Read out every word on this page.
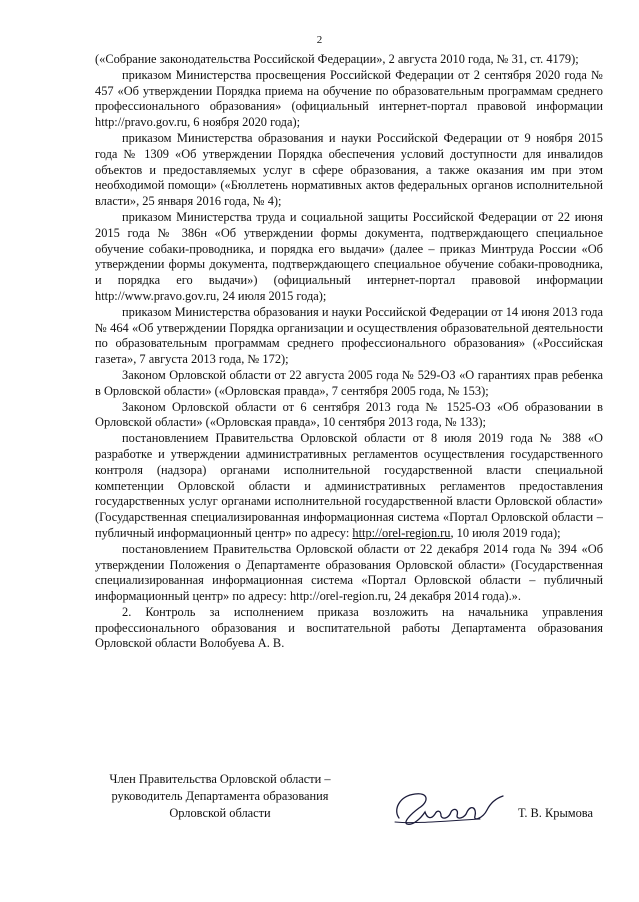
2

(«Собрание законодательства Российской Федерации», 2 августа 2010 года, № 31, ст. 4179);

приказом Министерства просвещения Российской Федерации от 2 сентября 2020 года № 457 «Об утверждении Порядка приема на обучение по образовательным программам среднего профессионального образования» (официальный интернет-портал правовой информации http://pravo.gov.ru, 6 ноября 2020 года);

приказом Министерства образования и науки Российской Федерации от 9 ноября 2015 года № 1309 «Об утверждении Порядка обеспечения условий доступности для инвалидов объектов и предоставляемых услуг в сфере образования, а также оказания им при этом необходимой помощи» («Бюллетень нормативных актов федеральных органов исполнительной власти», 25 января 2016 года, № 4);

приказом Министерства труда и социальной защиты Российской Федерации от 22 июня 2015 года № 386н «Об утверждении формы документа, подтверждающего специальное обучение собаки-проводника, и порядка его выдачи» (далее – приказ Минтруда России «Об утверждении формы документа, подтверждающего специальное обучение собаки-проводника, и порядка его выдачи») (официальный интернет-портал правовой информации http://www.pravo.gov.ru, 24 июля 2015 года);

приказом Министерства образования и науки Российской Федерации от 14 июня 2013 года № 464 «Об утверждении Порядка организации и осуществления образовательной деятельности по образовательным программам среднего профессионального образования» («Российская газета», 7 августа 2013 года, № 172);

Законом Орловской области от 22 августа 2005 года № 529-ОЗ «О гарантиях прав ребенка в Орловской области» («Орловская правда», 7 сентября 2005 года, № 153);

Законом Орловской области от 6 сентября 2013 года № 1525-ОЗ «Об образовании в Орловской области» («Орловская правда», 10 сентября 2013 года, № 133);

постановлением Правительства Орловской области от 8 июля 2019 года № 388 «О разработке и утверждении административных регламентов осуществления государственного контроля (надзора) органами исполнительной государственной власти специальной компетенции Орловской области и административных регламентов предоставления государственных услуг органами исполнительной государственной власти Орловской области» (Государственная специализированная информационная система «Портал Орловской области – публичный информационный центр» по адресу: http://orel-region.ru, 10 июля 2019 года);

постановлением Правительства Орловской области от 22 декабря 2014 года № 394 «Об утверждении Положения о Департаменте образования Орловской области» (Государственная специализированная информационная система «Портал Орловской области – публичный информационный центр» по адресу: http://orel-region.ru, 24 декабря 2014 года).».

2. Контроль за исполнением приказа возложить на начальника управления профессионального образования и воспитательной работы Департамента образования Орловской области Волобуева А. В.

Член Правительства Орловской области –
руководитель Департамента образования
Орловской области	Т. В. Крымова
